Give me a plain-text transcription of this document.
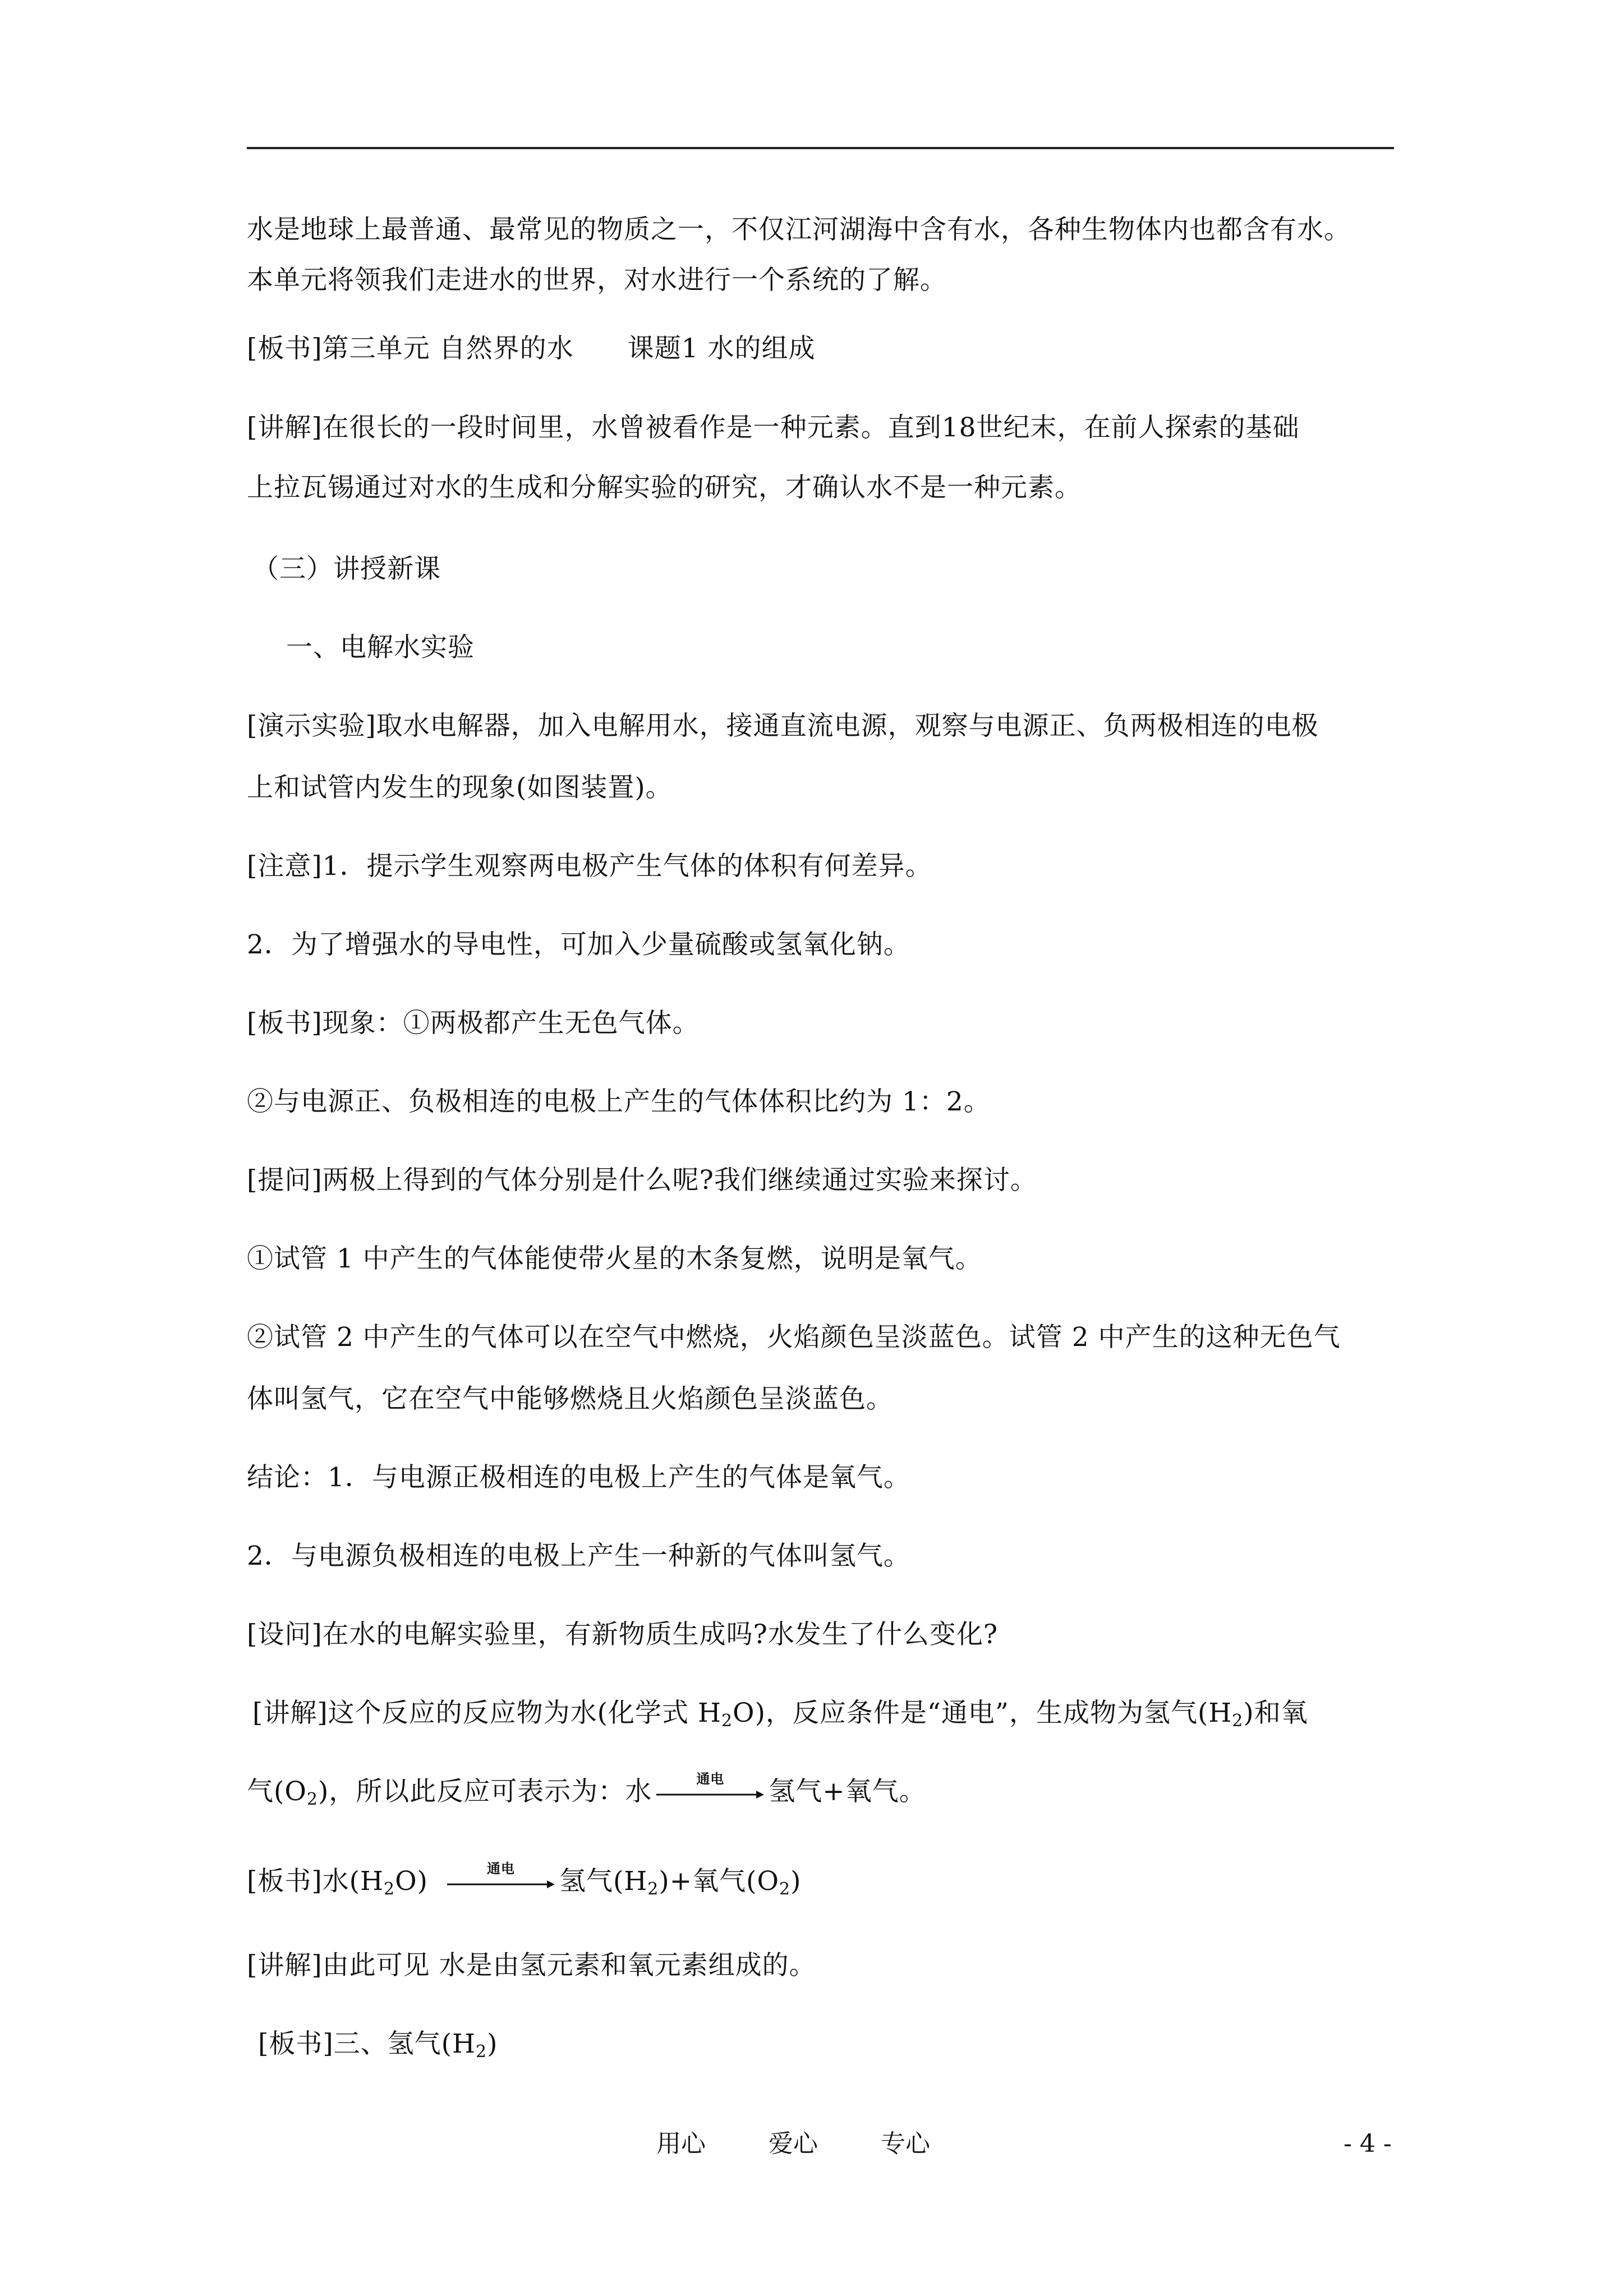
水是地球上最普通、最常见的物质之一，不仅江河湖海中含有水，各种生物体内也都含有水。
本单元将领我们走进水的世界，对水进行一个系统的了解。
[板书]第三单元 自然界的水　　课题1 水的组成
[讲解]在很长的一段时间里，水曾被看作是一种元素。直到18世纪末，在前人探索的基础
上拉瓦锡通过对水的生成和分解实验的研究，才确认水不是一种元素。
（三）讲授新课
一、电解水实验
[演示实验]取水电解器，加入电解用水，接通直流电源，观察与电源正、负两极相连的电极
上和试管内发生的现象(如图装置)。
[注意]1．提示学生观察两电极产生气体的体积有何差异。
2．为了增强水的导电性，可加入少量硫酸或氢氧化钠。
[板书]现象：①两极都产生无色气体。
②与电源正、负极相连的电极上产生的气体体积比约为 1：2。
[提问]两极上得到的气体分别是什么呢?我们继续通过实验来探讨。
①试管 1 中产生的气体能使带火星的木条复燃，说明是氧气。
②试管 2 中产生的气体可以在空气中燃烧，火焰颜色呈淡蓝色。试管 2 中产生的这种无色气
体叫氢气，它在空气中能够燃烧且火焰颜色呈淡蓝色。
结论：1．与电源正极相连的电极上产生的气体是氧气。
2．与电源负极相连的电极上产生一种新的气体叫氢气。
[设问]在水的电解实验里，有新物质生成吗?水发生了什么变化?
[讲解]这个反应的反应物为水(化学式 $H_2O$)，反应条件是“通电”，生成物为氢气$(H_2)$和氧
气$(O_2)$，所以此反应可表示为：水	通电	氢气+氧气。
[板书]水$(H_2O)$	通电	氢气$(H_2)+$氧气$(O_2)$
[讲解]由此可见 水是由氢元素和氧元素组成的。
[板书]三、氢气$(H_2)$
用心	爱心	专心	- 4 -
